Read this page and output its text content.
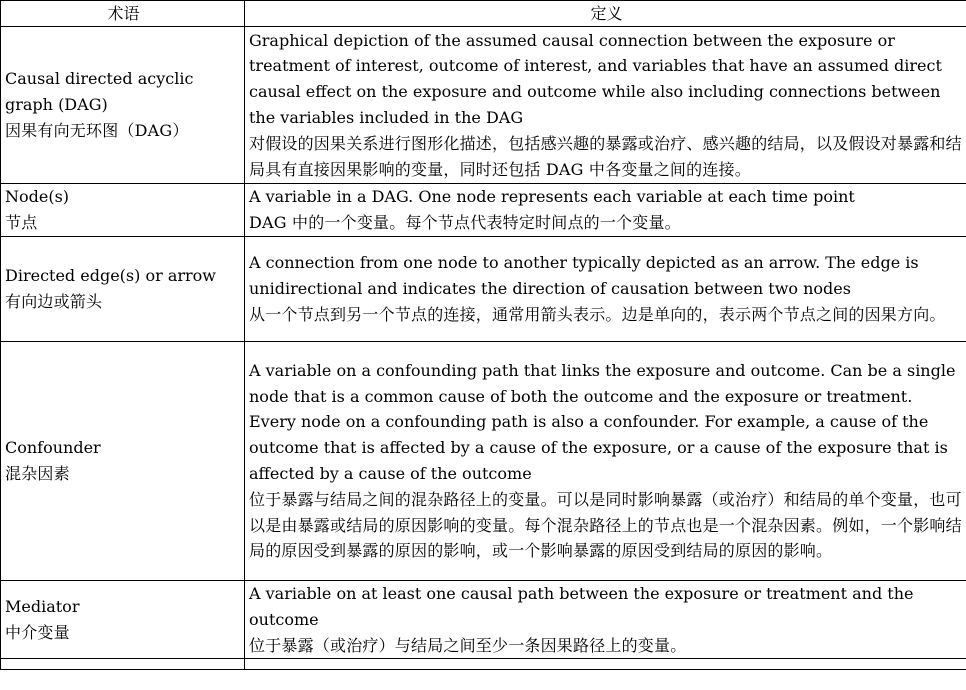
术语	定义

Causal directed acyclic graph (DAG)
因果有向无环图（DAG）	Graphical depiction of the assumed causal connection between the exposure or treatment of interest, outcome of interest, and variables that have an assumed direct causal effect on the exposure and outcome while also including connections between the variables included in the DAG
对假设的因果关系进行图形化描述，包括感兴趣的暴露或治疗、感兴趣的结局，以及假设对暴露和结局具有直接因果影响的变量，同时还包括 DAG 中各变量之间的连接。

Node(s)
节点	A variable in a DAG. One node represents each variable at each time point
DAG 中的一个变量。每个节点代表特定时间点的一个变量。

Directed edge(s) or arrow
有向边或箭头	A connection from one node to another typically depicted as an arrow. The edge is unidirectional and indicates the direction of causation between two nodes
从一个节点到另一个节点的连接，通常用箭头表示。边是单向的，表示两个节点之间的因果方向。

Confounder
混杂因素	A variable on a confounding path that links the exposure and outcome. Can be a single node that is a common cause of both the outcome and the exposure or treatment. Every node on a confounding path is also a confounder. For example, a cause of the outcome that is affected by a cause of the exposure, or a cause of the exposure that is affected by a cause of the outcome
位于暴露与结局之间的混杂路径上的变量。可以是同时影响暴露（或治疗）和结局的单个变量，也可以是由暴露或结局的原因影响的变量。每个混杂路径上的节点也是一个混杂因素。例如，一个影响结局的原因受到暴露的原因的影响，或一个影响暴露的原因受到结局的原因的影响。

Mediator
中介变量	A variable on at least one causal path between the exposure or treatment and the outcome
位于暴露（或治疗）与结局之间至少一条因果路径上的变量。
